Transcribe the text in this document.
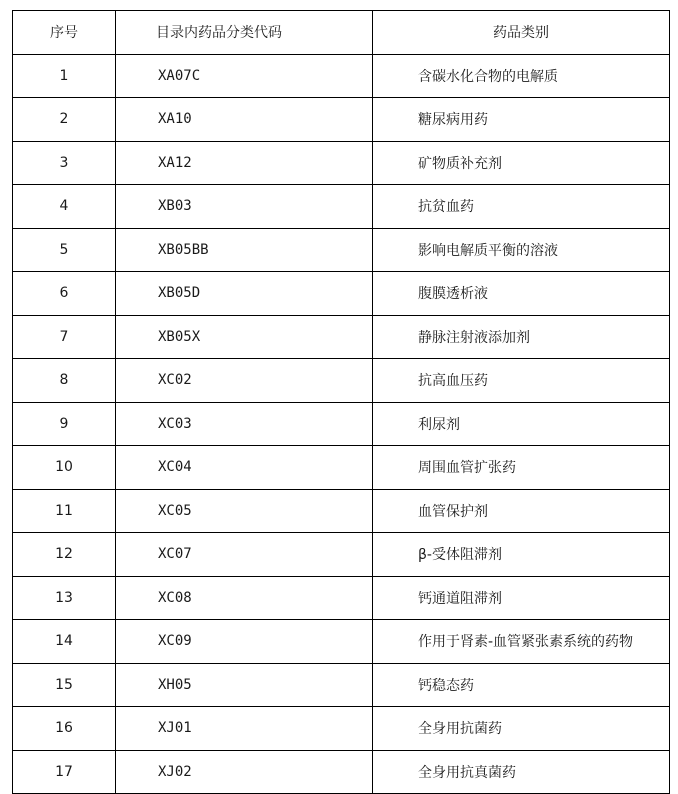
序号	目录内药品分类代码	药品类别
1	XA07C	含碳水化合物的电解质
2	XA10	糖尿病用药
3	XA12	矿物质补充剂
4	XB03	抗贫血药
5	XB05BB	影响电解质平衡的溶液
6	XB05D	腹膜透析液
7	XB05X	静脉注射液添加剂
8	XC02	抗高血压药
9	XC03	利尿剂
10	XC04	周围血管扩张药
11	XC05	血管保护剂
12	XC07	β-受体阻滞剂
13	XC08	钙通道阻滞剂
14	XC09	作用于肾素-血管紧张素系统的药物
15	XH05	钙稳态药
16	XJ01	全身用抗菌药
17	XJ02	全身用抗真菌药
